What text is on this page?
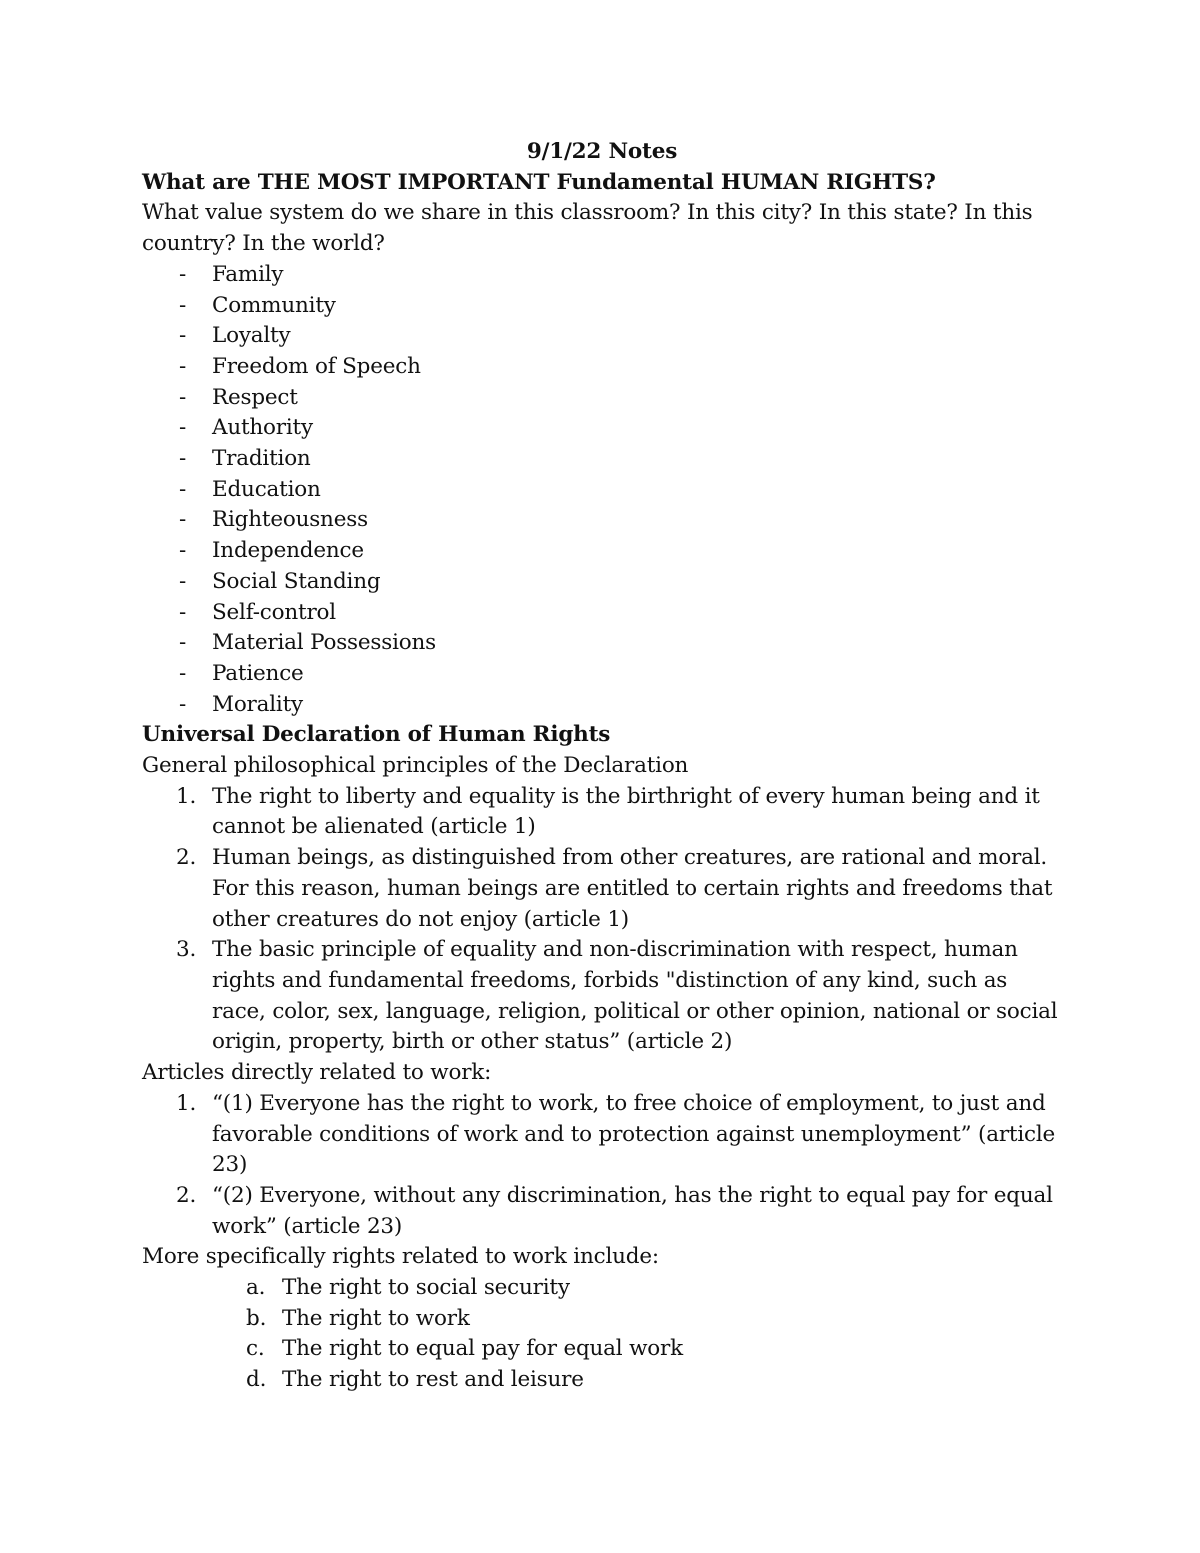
9/1/22 Notes

What are THE MOST IMPORTANT Fundamental HUMAN RIGHTS?

What value system do we share in this classroom? In this city? In this state? In this country? In the world?

- Family
- Community
- Loyalty
- Freedom of Speech
- Respect
- Authority
- Tradition
- Education
- Righteousness
- Independence
- Social Standing
- Self-control
- Material Possessions
- Patience
- Morality

Universal Declaration of Human Rights

General philosophical principles of the Declaration

1. The right to liberty and equality is the birthright of every human being and it cannot be alienated (article 1)
2. Human beings, as distinguished from other creatures, are rational and moral. For this reason, human beings are entitled to certain rights and freedoms that other creatures do not enjoy (article 1)
3. The basic principle of equality and non-discrimination with respect, human rights and fundamental freedoms, forbids "distinction of any kind, such as race, color, sex, language, religion, political or other opinion, national or social origin, property, birth or other status” (article 2)

Articles directly related to work:

1. “(1) Everyone has the right to work, to free choice of employment, to just and favorable conditions of work and to protection against unemployment” (article 23)
2. “(2) Everyone, without any discrimination, has the right to equal pay for equal work” (article 23)

More specifically rights related to work include:

a. The right to social security
b. The right to work
c. The right to equal pay for equal work
d. The right to rest and leisure
